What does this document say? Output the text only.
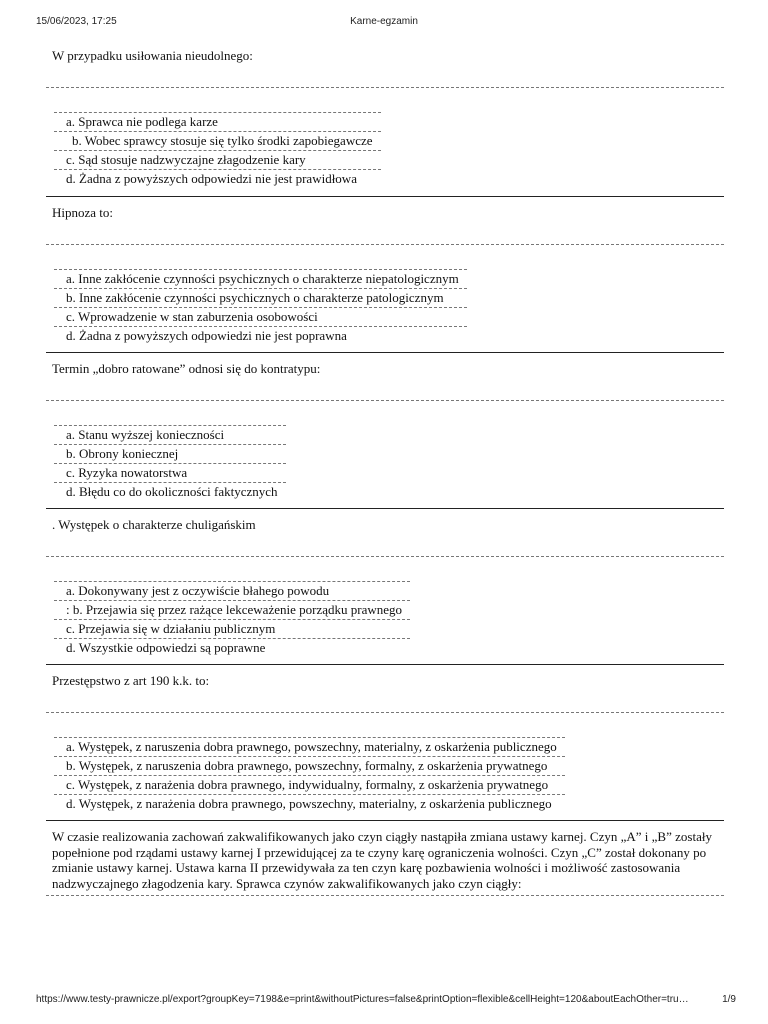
15/06/2023, 17:25	Karne-egzamin
W przypadku usiłowania nieudolnego:
a. Sprawca nie podlega karze
b. Wobec sprawcy stosuje się tylko środki zapobiegawcze
c. Sąd stosuje nadzwyczajne złagodzenie kary
d. Żadna z powyższych odpowiedzi nie jest prawidłowa
Hipnoza to:
a. Inne zakłócenie czynności psychicznych o charakterze niepatologicznym
b. Inne zakłócenie czynności psychicznych o charakterze patologicznym
c. Wprowadzenie w stan zaburzenia osobowości
d. Żadna z powyższych odpowiedzi nie jest poprawna
Termin „dobro ratowane” odnosi się do kontratypu:
a. Stanu wyższej konieczności
b. Obrony koniecznej
c. Ryzyka nowatorstwa
d. Błędu co do okoliczności faktycznych
. Występek o charakterze chuligańskim
a. Dokonywany jest z oczywiście błahego powodu
: b. Przejawia się przez rażące lekceważenie porządku prawnego
c. Przejawia się w działaniu publicznym
d. Wszystkie odpowiedzi są poprawne
Przestępstwo z art 190 k.k. to:
a. Występek, z naruszenia dobra prawnego, powszechny, materialny, z oskarżenia publicznego
b. Występek, z naruszenia dobra prawnego, powszechny, formalny, z oskarżenia prywatnego
c. Występek, z narażenia dobra prawnego, indywidualny, formalny, z oskarżenia prywatnego
d. Występek, z narażenia dobra prawnego, powszechny, materialny, z oskarżenia publicznego
W czasie realizowania zachowań zakwalifikowanych jako czyn ciągły nastąpiła zmiana ustawy karnej. Czyn „A” i „B” zostały popełnione pod rządami ustawy karnej I przewidującej za te czyny karę ograniczenia wolności. Czyn „C” został dokonany po zmianie ustawy karnej. Ustawa karna II przewidywała za ten czyn karę pozbawienia wolności i możliwość zastosowania nadzwyczajnego złagodzenia kary. Sprawca czynów zakwalifikowanych jako czyn ciągły:
https://www.testy-prawnicze.pl/export?groupKey=7198&e=print&withoutPictures=false&printOption=flexible&cellHeight=120&aboutEachOther=tru…	1/9
